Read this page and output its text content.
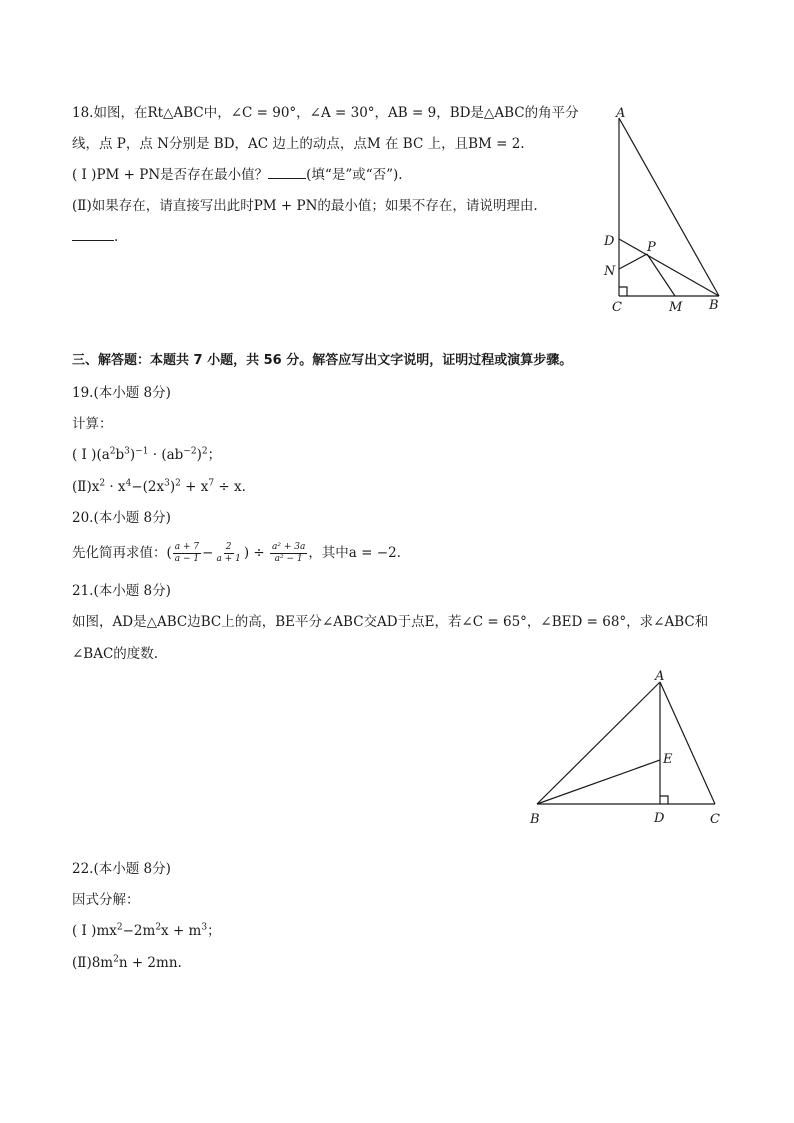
18.如图，在Rt△ABC中，∠C = 90°，∠A = 30°，AB = 9，BD是△ABC的角平分
线，点 P，点 N分别是 BD，AC 边上的动点，点M 在 BC 上，且BM = 2.
( Ⅰ )PM + PN是否存在最小值？	(填“是”或“否”).
(Ⅱ)如果存在，请直接写出此时PM + PN的最小值；如果不存在，请说明理由.
.
A
D	P
N
C	M B
三、解答题：本题共 7 小题，共 56 分。解答应写出文字说明，证明过程或演算步骤。
19.(本小题 8分)
计算：
( Ⅰ )$(a^2b^3)^{-1} \cdot (ab^{-2})^2$；
$(Ⅱ)x^2 \cdot x^4-(2x^3)^2 + x^7 \div x$.
20.(本小题 8分)
先化简再求值：( $\frac{a + 7}{a - 1} - \frac{2}{a + 1}$ ) ÷ $\frac{\text{a² + 3a}}{\text{a² − 1}}$ ，其中a = −2.
21.(本小题 8分)
如图，AD是△ABC边BC上的高，BE平分∠ABC交AD于点E，若∠C = 65°，∠BED = 68°，求∠ABC和
∠BAC的度数.
A
E
B	D	C
22.(本小题 8分)
因式分解：
( Ⅰ )$mx^2-2m^2x + m^3$；
$(Ⅱ)8m^2n + 2mn$.
